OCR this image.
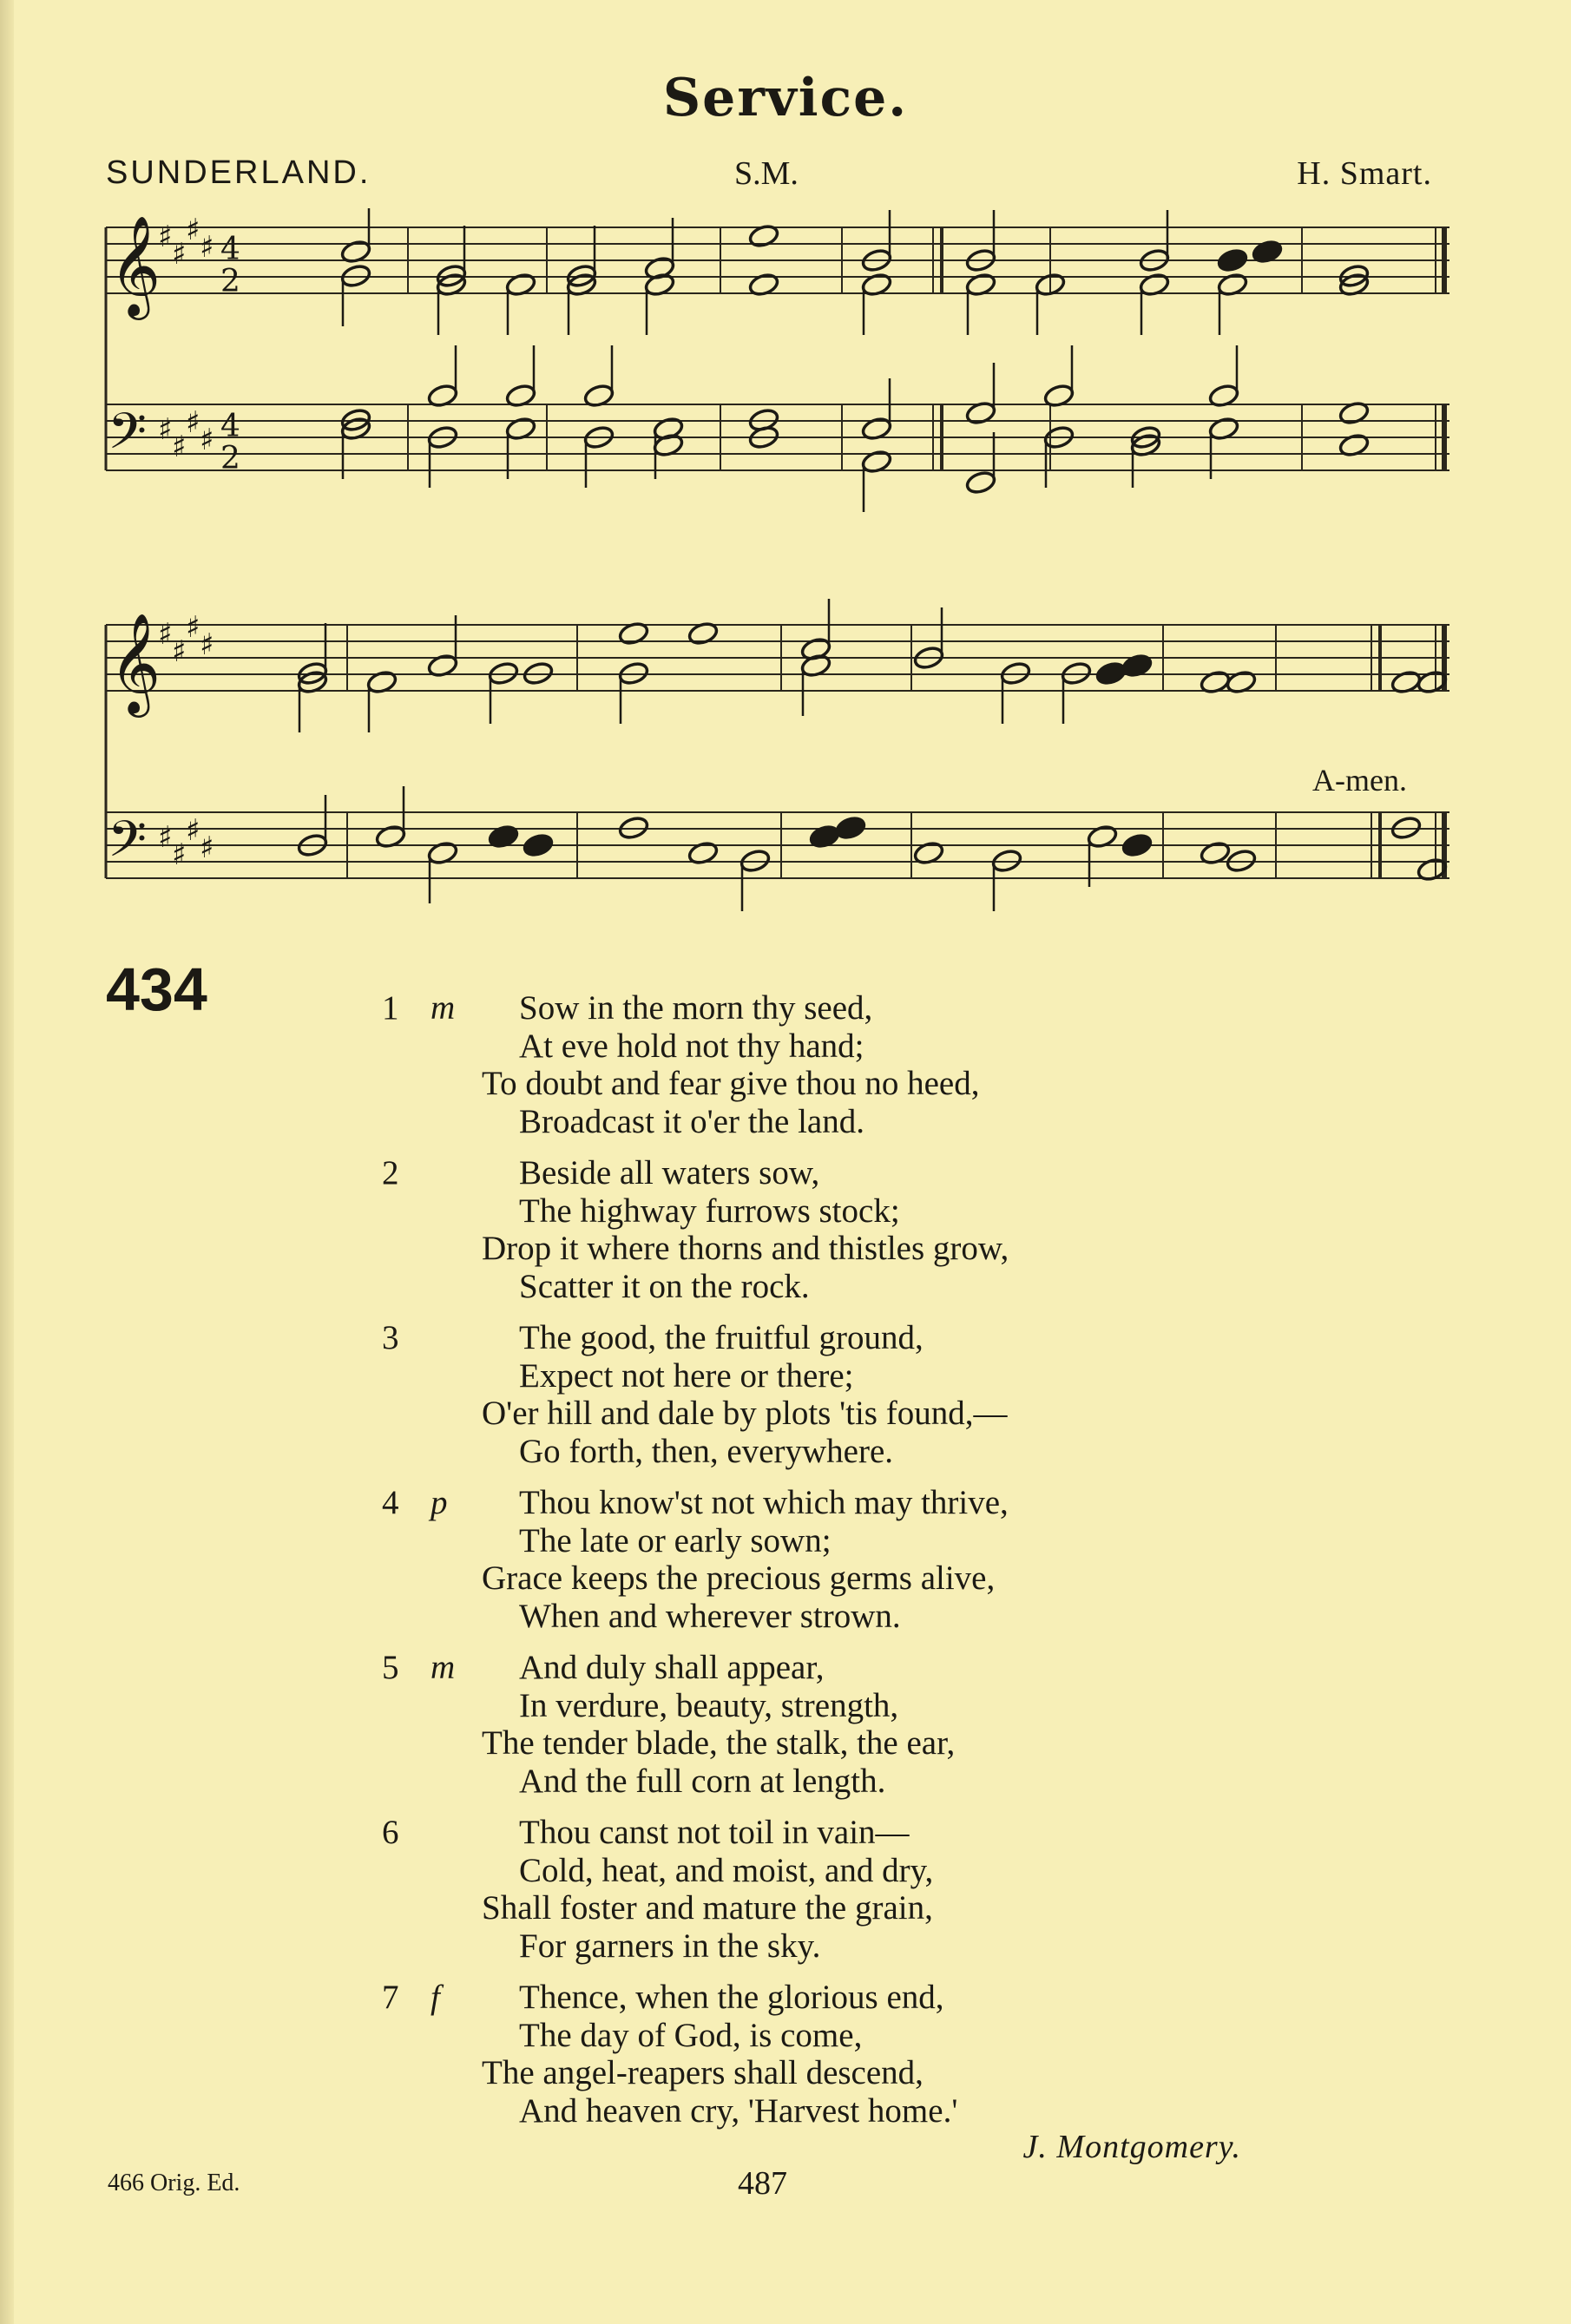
Service.
SUNDERLAND.	S.M.	H. Smart.
𝄞
𝄢
♯
♯
♯
♯
♯
♯
♯
♯
4
2
4
2
𝄞
𝄢
♯
♯
♯
♯
♯
♯
♯
♯
A-men.
434	1 m	Sow in the morn thy seed,
At eve hold not thy hand;
To doubt and fear give thou no heed,
Broadcast it o'er the land.
2	Beside all waters sow,
The highway furrows stock;
Drop it where thorns and thistles grow,
Scatter it on the rock.
3	The good, the fruitful ground,
Expect not here or there;
O'er hill and dale by plots 'tis found,—
Go forth, then, everywhere.
4 p	Thou know'st not which may thrive,
The late or early sown;
Grace keeps the precious germs alive,
When and wherever strown.
5 m	And duly shall appear,
In verdure, beauty, strength,
The tender blade, the stalk, the ear,
And the full corn at length.
6	Thou canst not toil in vain—
Cold, heat, and moist, and dry,
Shall foster and mature the grain,
For garners in the sky.
7 f	Thence, when the glorious end,
The day of God, is come,
The angel-reapers shall descend,
And heaven cry, 'Harvest home.'
J. Montgomery.
466 Orig. Ed.	487
